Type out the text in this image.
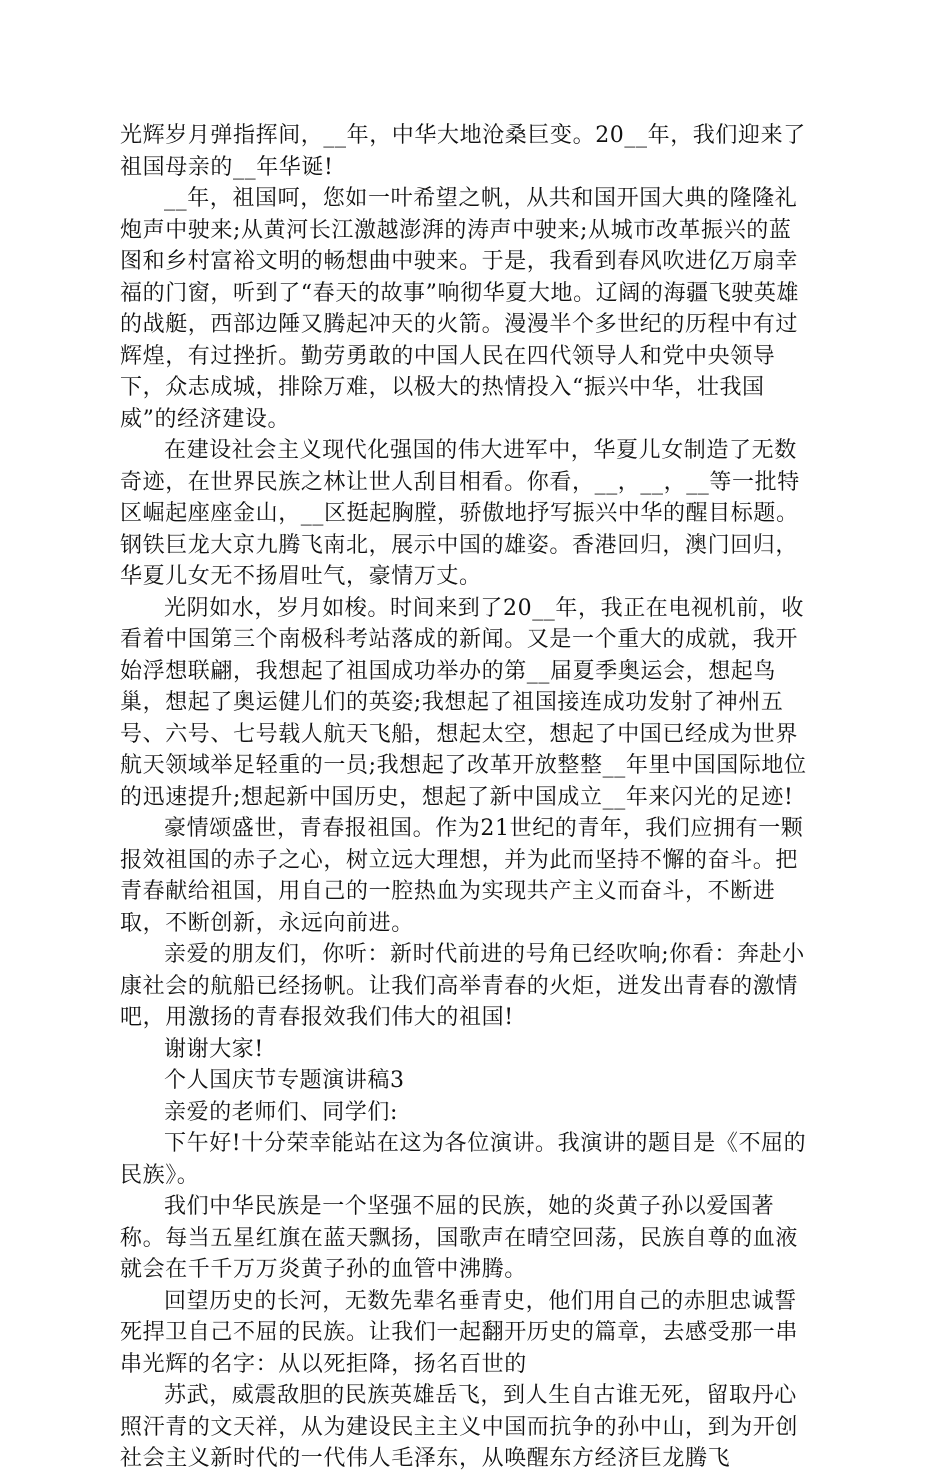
光辉岁月弹指挥间，__年，中华大地沧桑巨变。20__年，我们迎来了祖国母亲的__年华诞!

__年，祖国呵，您如一叶希望之帆，从共和国开国大典的隆隆礼炮声中驶来;从黄河长江激越澎湃的涛声中驶来;从城市改革振兴的蓝图和乡村富裕文明的畅想曲中驶来。于是，我看到春风吹进亿万扇幸福的门窗，听到了“春天的故事”响彻华夏大地。辽阔的海疆飞驶英雄的战艇，西部边陲又腾起冲天的火箭。漫漫半个多世纪的历程中有过辉煌，有过挫折。勤劳勇敢的中国人民在四代领导人和党中央领导下，众志成城，排除万难，以极大的热情投入“振兴中华，壮我国威”的经济建设。

在建设社会主义现代化强国的伟大进军中，华夏儿女制造了无数奇迹，在世界民族之林让世人刮目相看。你看，__，__，__等一批特区崛起座座金山，__区挺起胸膛，骄傲地抒写振兴中华的醒目标题。钢铁巨龙大京九腾飞南北，展示中国的雄姿。香港回归，澳门回归，华夏儿女无不扬眉吐气，豪情万丈。

光阴如水，岁月如梭。时间来到了20__年，我正在电视机前，收看着中国第三个南极科考站落成的新闻。又是一个重大的成就，我开始浮想联翩，我想起了祖国成功举办的第__届夏季奥运会，想起鸟巢，想起了奥运健儿们的英姿;我想起了祖国接连成功发射了神州五号、六号、七号载人航天飞船，想起太空，想起了中国已经成为世界航天领域举足轻重的一员;我想起了改革开放整整__年里中国国际地位的迅速提升;想起新中国历史，想起了新中国成立__年来闪光的足迹!

豪情颂盛世，青春报祖国。作为21世纪的青年，我们应拥有一颗报效祖国的赤子之心，树立远大理想，并为此而坚持不懈的奋斗。把青春献给祖国，用自己的一腔热血为实现共产主义而奋斗，不断进取，不断创新，永远向前进。

亲爱的朋友们，你听：新时代前进的号角已经吹响;你看：奔赴小康社会的航船已经扬帆。让我们高举青春的火炬，迸发出青春的激情吧，用激扬的青春报效我们伟大的祖国!

谢谢大家!

个人国庆节专题演讲稿3

亲爱的老师们、同学们:

下午好!十分荣幸能站在这为各位演讲。我演讲的题目是《不屈的民族》。

我们中华民族是一个坚强不屈的民族，她的炎黄子孙以爱国著称。每当五星红旗在蓝天飘扬，国歌声在晴空回荡，民族自尊的血液就会在千千万万炎黄子孙的血管中沸腾。

回望历史的长河，无数先辈名垂青史，他们用自己的赤胆忠诚誓死捍卫自己不屈的民族。让我们一起翻开历史的篇章，去感受那一串串光辉的名字：从以死拒降，扬名百世的

苏武，威震敌胆的民族英雄岳飞，到人生自古谁无死，留取丹心照汗青的文天祥，从为建设民主主义中国而抗争的孙中山，到为开创社会主义新时代的一代伟人毛泽东，从唤醒东方经济巨龙腾飞
